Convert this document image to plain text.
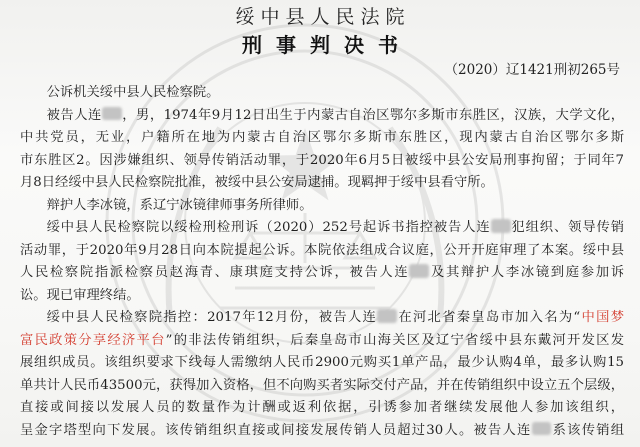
绥中县人民法院
刑事判决书
（2020）辽1421刑初265号
公诉机关绥中县人民检察院。
被告人连 ，男，1974年9月12日出生于内蒙古自治区鄂尔多斯市东胜区，汉族，大学文化，
中共党员，无业，户籍所在地为内蒙古自治区鄂尔多斯市东胜区，现内蒙古自治区鄂尔多斯
市东胜区2。因涉嫌组织、领导传销活动罪，于2020年6月5日被绥中县公安局刑事拘留；于同年7
月8日经绥中县人民检察院批准，被绥中县公安局逮捕。现羁押于绥中县看守所。
辩护人李冰镜，系辽宁冰镜律师事务所律师。
绥中县人民检察院以绥检刑检刑诉（2020）252号起诉书指控被告人连 犯组织、领导传销
活动罪，于2020年9月28日向本院提起公诉。本院依法组成合议庭，公开开庭审理了本案。绥中县
人民检察院指派检察员赵海青、康琪庭支持公诉，被告人连 及其辩护人李冰镜到庭参加诉
讼。现已审理终结。
绥中县人民检察院指控：2017年12月份，被告人连 在河北省秦皇岛市加入名为“中国梦
富民政策分享经济平台”的非法传销组织，后秦皇岛市山海关区及辽宁省绥中县东戴河开发区发
展组织成员。该组织要求下线每人需缴纳人民币2900元购买1单产品，最少认购4单，最多认购15
单共计人民币43500元，获得加入资格，但不向购买者实际交付产品，并在传销组织中设立五个层级，
直接或间接以发展人员的数量作为计酬或返利依据，引诱参加者继续发展他人参加该组织，
呈金字塔型向下发展。该传销组织直接或间接发展传销人员超过30人。被告人连 系该传销组
